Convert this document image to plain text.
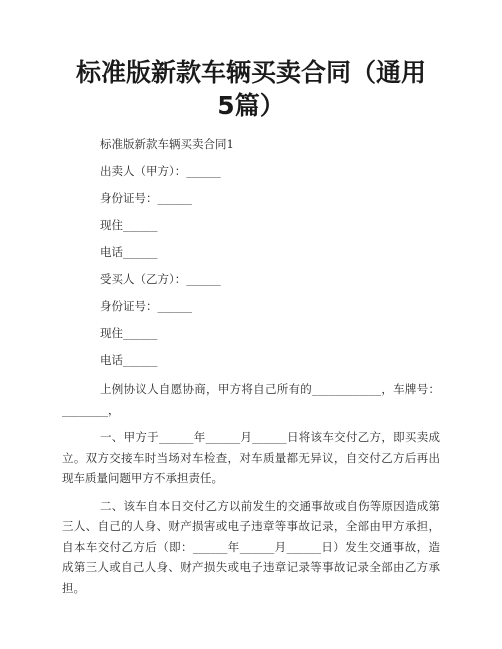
标准版新款车辆买卖合同（通用
5篇）

标准版新款车辆买卖合同1

出卖人（甲方）：______

身份证号：______

现住______

电话______

受买人（乙方）：______

身份证号：______

现住______

电话______

上例协议人自愿协商，甲方将自己所有的____________，车牌号：________，

一、甲方于______年______月______日将该车交付乙方，即买卖成立。双方交接车时当场对车检查，对车质量都无异议，自交付乙方后再出现车质量问题甲方不承担责任。

二、该车自本日交付乙方以前发生的交通事故或自伤等原因造成第三人、自己的人身、财产损害或电子违章等事故记录，全部由甲方承担，自本车交付乙方后（即：______年______月______日）发生交通事故，造成第三人或自己人身、财产损失或电子违章记录等事故记录全部由乙方承担。
